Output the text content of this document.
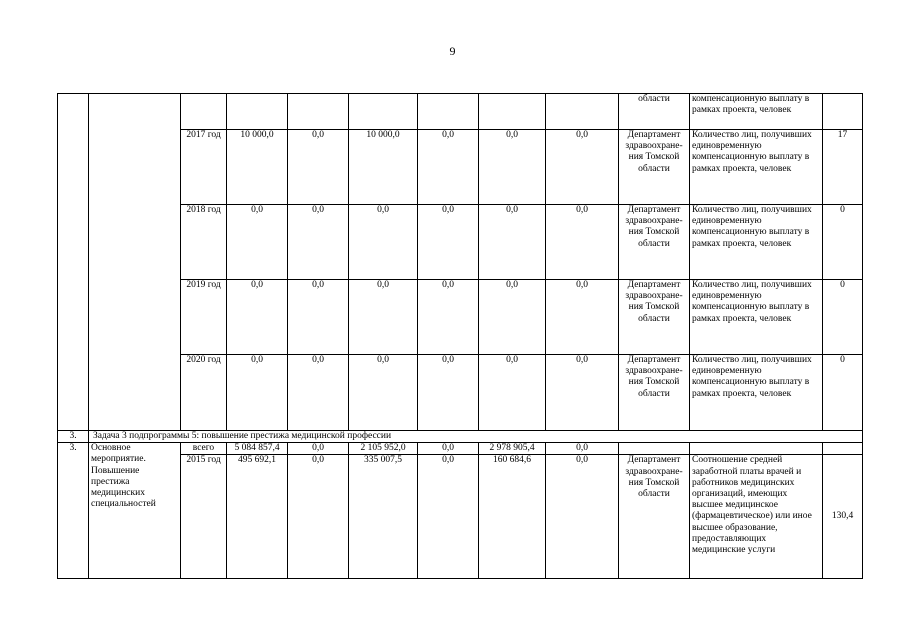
9
									области	компенсационную выплату в рамках проекта, человек	
		2017 год	10 000,0	0,0	10 000,0	0,0	0,0	0,0	Департамент здравоохране-ния Томской области	Количество лиц, получивших единовременную компенсационную выплату в рамках проекта, человек	17
		2018 год	0,0	0,0	0,0	0,0	0,0	0,0	Департамент здравоохране-ния Томской области	Количество лиц, получивших единовременную компенсационную выплату в рамках проекта, человек	0
		2019 год	0,0	0,0	0,0	0,0	0,0	0,0	Департамент здравоохране-ния Томской области	Количество лиц, получивших единовременную компенсационную выплату в рамках проекта, человек	0
		2020 год	0,0	0,0	0,0	0,0	0,0	0,0	Департамент здравоохране-ния Томской области	Количество лиц, получивших единовременную компенсационную выплату в рамках проекта, человек	0
3.	Задача 3 подпрограммы 5: повышение престижа медицинской профессии										
3.	Основное мероприятие. Повышение престижа медицинских специальностей	всего	5 084 857,4	0,0	2 105 952,0	0,0	2 978 905,4	0,0			
		2015 год	495 692,1	0,0	335 007,5	0,0	160 684,6	0,0	Департамент здравоохране-ния Томской области	Соотношение средней заработной платы врачей и работников медицинских организаций, имеющих высшее медицинское (фармацевтическое) или иное высшее образование, предоставляющих медицинские услуги	130,4
